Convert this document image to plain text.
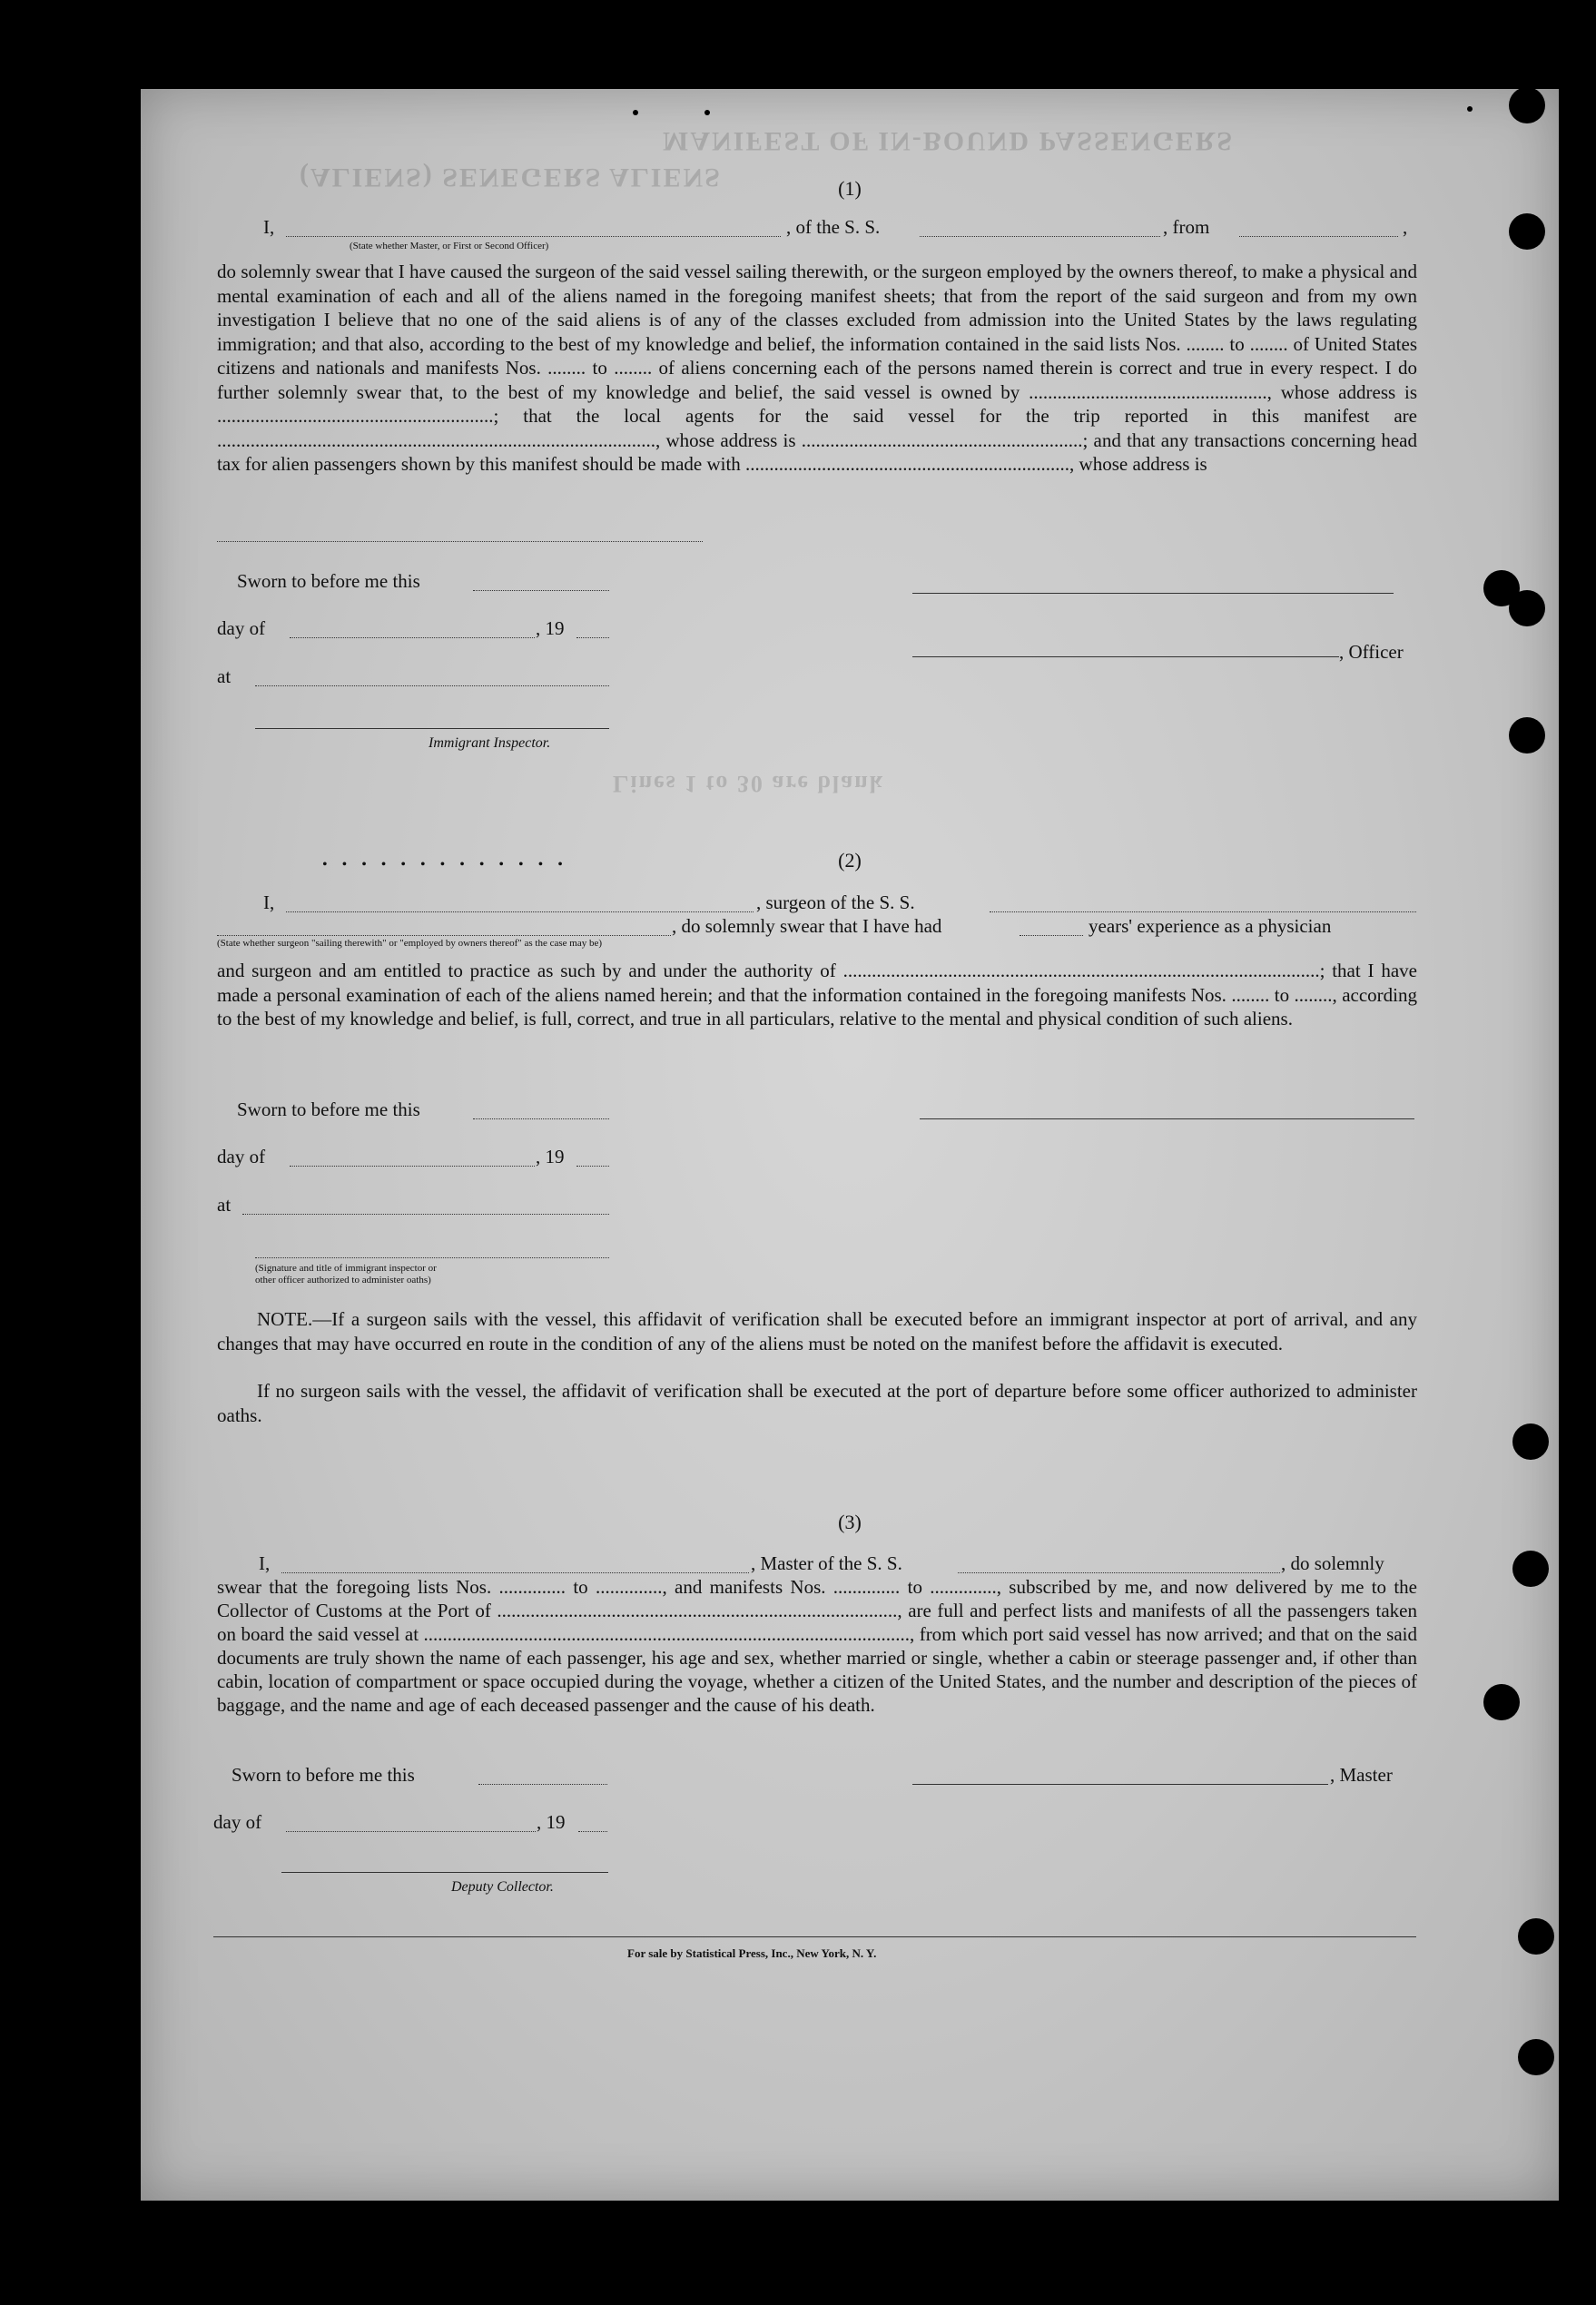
(ALIENS) SENEGERS ALIENS
MANIFEST OF IN-BOUND PASSENGERS
Lines 1 to 30 are blank
(1)
I,	, of the S. S.	, from	,
(State whether Master, or First or Second Officer)
do solemnly swear that I have caused the surgeon of the said vessel sailing therewith, or the surgeon employed by the owners thereof, to make a physical and mental examination of each and all of the aliens named in the foregoing manifest sheets; that from the report of the said surgeon and from my own investigation I believe that no one of the said aliens is of any of the classes excluded from admission into the United States by the laws regulating immigration; and that also, according to the best of my knowledge and belief, the information contained in the said lists Nos. ........ to ........ of United States citizens and nationals and manifests Nos. ........ to ........ of aliens concerning each of the persons named therein is correct and true in every respect. I do further solemnly swear that, to the best of my knowledge and belief, the said vessel is owned by .................................................., whose address is ..........................................................; that the local agents for the said vessel for the trip reported in this manifest are ............................................................................................, whose address is ...........................................................; and that any transactions concerning head tax for alien passengers shown by this manifest should be made with ...................................................................., whose address is
Sworn to before me this
day of	, 19
at
Immigrant Inspector.
, Officer
• • • • • • • • • • • • •	(2)
I,	, surgeon of the S. S.
, do solemnly swear that I have had	years' experience as a physician
(State whether surgeon "sailing therewith" or "employed by owners thereof" as the case may be)
and surgeon and am entitled to practice as such by and under the authority of ....................................................................................................; that I have made a personal examination of each of the aliens named herein; and that the information contained in the foregoing manifests Nos. ........ to ........, according to the best of my knowledge and belief, is full, correct, and true in all particulars, relative to the mental and physical condition of such aliens.
Sworn to before me this
day of	, 19
at
(Signature and title of immigrant inspector or
other officer authorized to administer oaths)
NOTE.—If a surgeon sails with the vessel, this affidavit of verification shall be executed before an immigrant inspector at port of arrival, and any changes that may have occurred en route in the condition of any of the aliens must be noted on the manifest before the affidavit is executed.
If no surgeon sails with the vessel, the affidavit of verification shall be executed at the port of departure before some officer authorized to administer oaths.
(3)
I,	, Master of the S. S.	, do solemnly
swear that the foregoing lists Nos. .............. to .............., and manifests Nos. .............. to .............., subscribed by me, and now delivered by me to the Collector of Customs at the Port of ...................................................................................., are full and perfect lists and manifests of all the passengers taken on board the said vessel at ......................................................................................................, from which port said vessel has now arrived; and that on the said documents are truly shown the name of each passenger, his age and sex, whether married or single, whether a cabin or steerage passenger and, if other than cabin, location of compartment or space occupied during the voyage, whether a citizen of the United States, and the number and description of the pieces of baggage, and the name and age of each deceased passenger and the cause of his death.
Sworn to before me this	, Master
day of	, 19
Deputy Collector.
For sale by Statistical Press, Inc., New York, N. Y.
